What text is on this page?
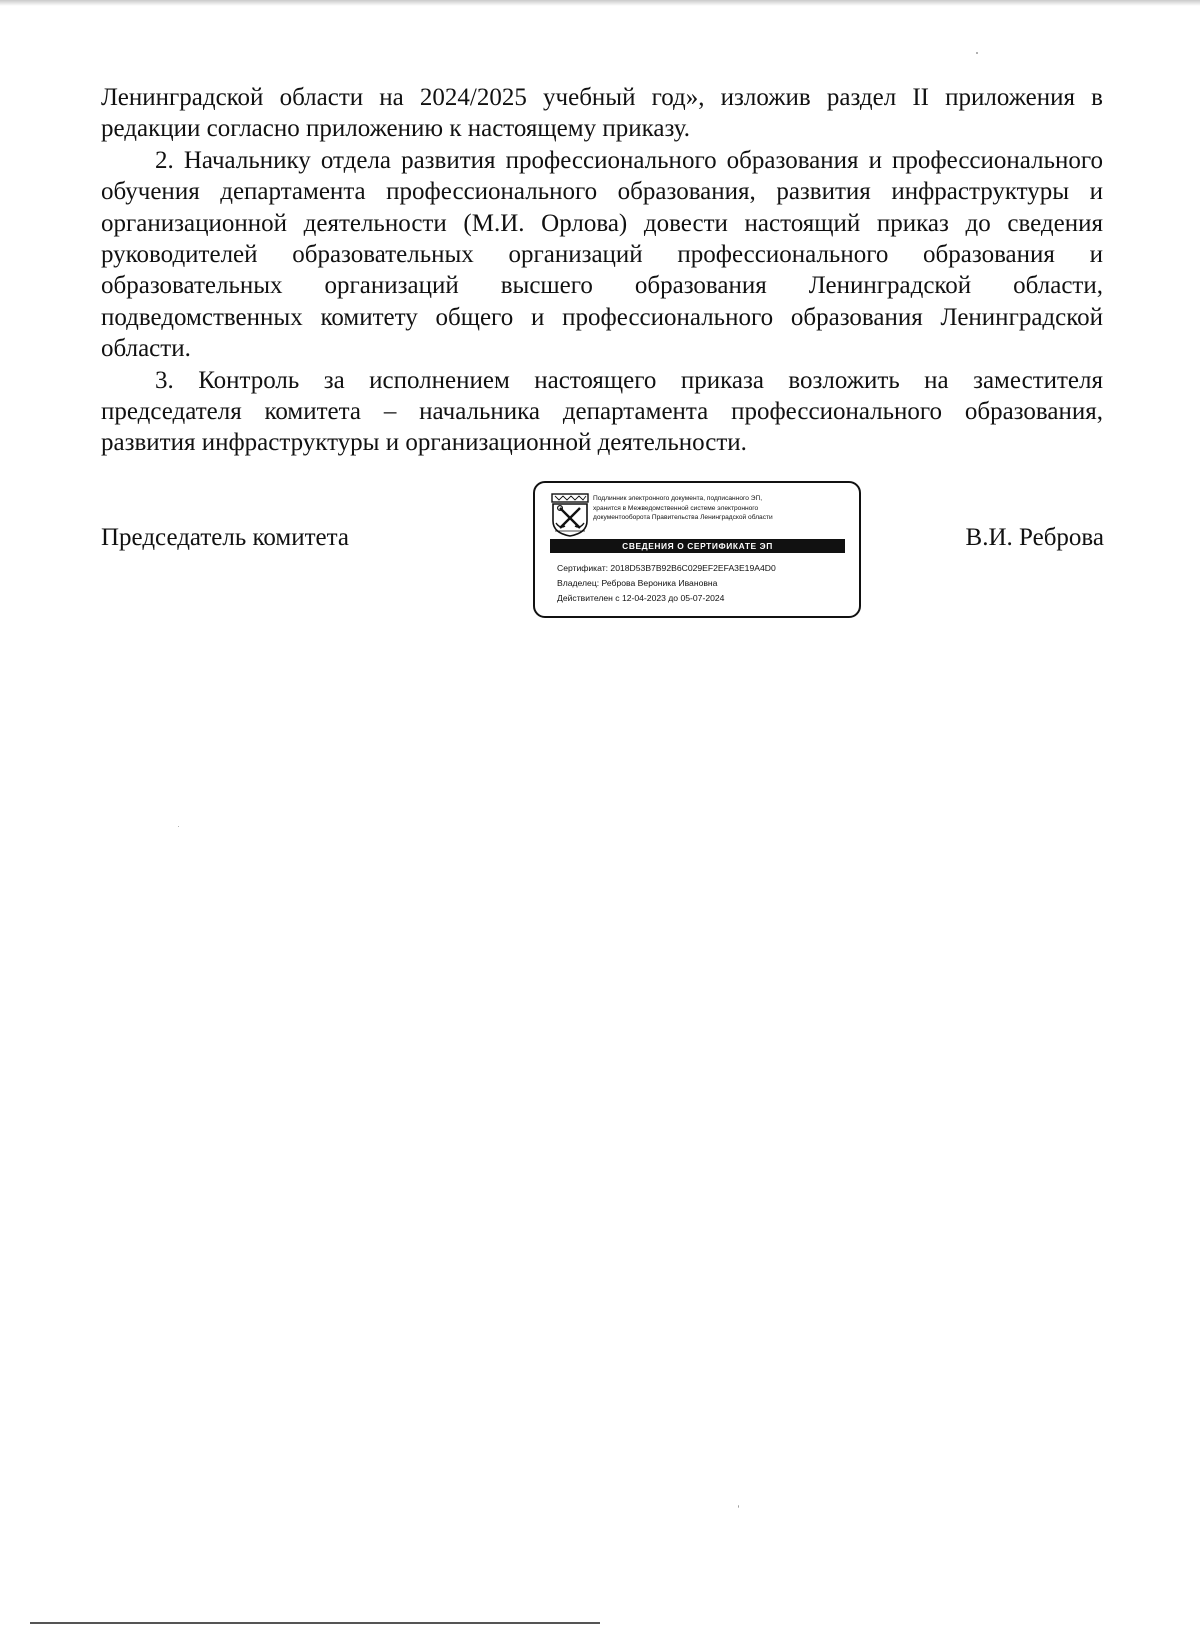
Ленинградской области на 2024/2025 учебный год», изложив раздел II приложения в редакции согласно приложению к настоящему приказу.

2. Начальнику отдела развития профессионального образования и профессионального обучения департамента профессионального образования, развития инфраструктуры и организационной деятельности (М.И. Орлова) довести настоящий приказ до сведения руководителей образовательных организаций профессионального образования и образовательных организаций высшего образования Ленинградской области, подведомственных комитету общего и профессионального образования Ленинградской области.

3. Контроль за исполнением настоящего приказа возложить на заместителя председателя комитета – начальника департамента профессионального образования, развития инфраструктуры и организационной деятельности.

Председатель комитета
Подлинник электронного документа, подписанного ЭП,
хранится в Межведомственной системе электронного
документооборота Правительства Ленинградской области
СВЕДЕНИЯ О СЕРТИФИКАТЕ ЭП
Сертификат: 2018D53B7B92B6C029EF2EFA3E19A4D0
Владелец: Реброва Вероника Ивановна
Действителен с 12-04-2023 до 05-07-2024
В.И. Реброва
